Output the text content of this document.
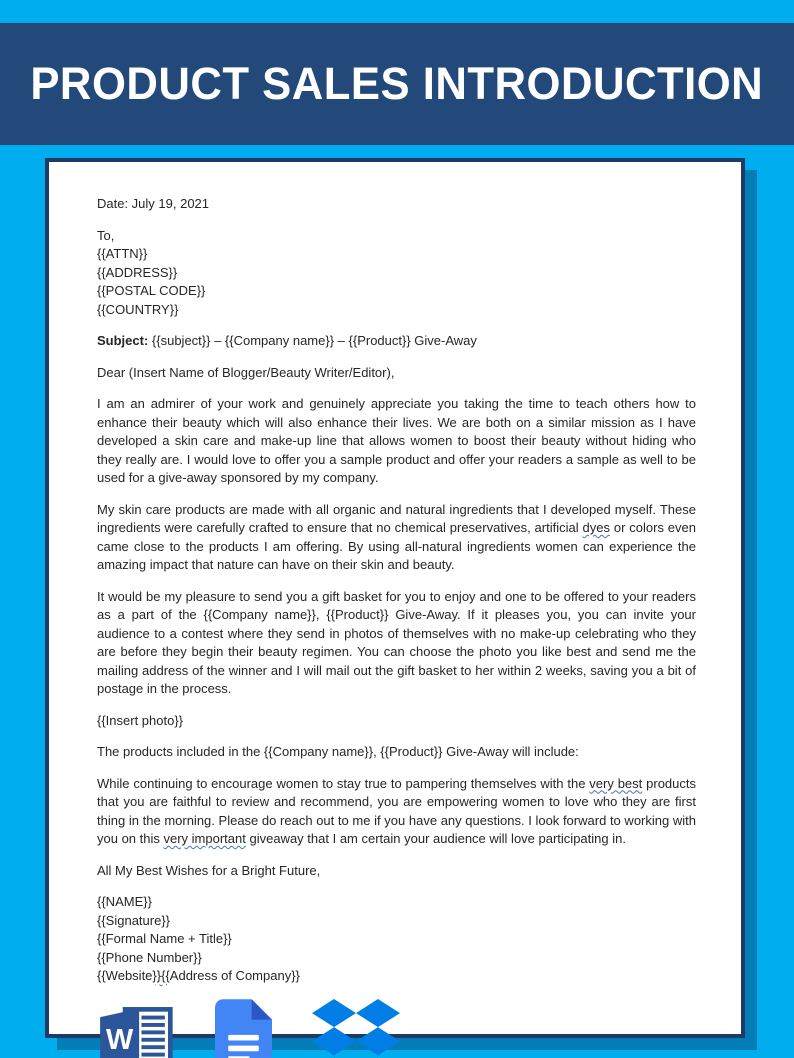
PRODUCT SALES INTRODUCTION

Date: July 19, 2021

To,

{{ATTN}}

{{ADDRESS}}

{{POSTAL CODE}}

{{COUNTRY}}

Subject: {{subject}} – {{Company name}} – {{Product}} Give-Away

Dear (Insert Name of Blogger/Beauty Writer/Editor),

I am an admirer of your work and genuinely appreciate you taking the time to teach others how to enhance their beauty which will also enhance their lives. We are both on a similar mission as I have developed a skin care and make-up line that allows women to boost their beauty without hiding who they really are. I would love to offer you a sample product and offer your readers a sample as well to be used for a give-away sponsored by my company.

My skin care products are made with all organic and natural ingredients that I developed myself. These ingredients were carefully crafted to ensure that no chemical preservatives, artificial dyes or colors even came close to the products I am offering. By using all-natural ingredients women can experience the amazing impact that nature can have on their skin and beauty.

It would be my pleasure to send you a gift basket for you to enjoy and one to be offered to your readers as a part of the {{Company name}}, {{Product}} Give-Away. If it pleases you, you can invite your audience to a contest where they send in photos of themselves with no make-up celebrating who they are before they begin their beauty regimen. You can choose the photo you like best and send me the mailing address of the winner and I will mail out the gift basket to her within 2 weeks, saving you a bit of postage in the process.

{{Insert photo}}

The products included in the {{Company name}}, {{Product}} Give-Away will include:

While continuing to encourage women to stay true to pampering themselves with the very best products that you are faithful to review and recommend, you are empowering women to love who they are first thing in the morning. Please do reach out to me if you have any questions. I look forward to working with you on this very important giveaway that I am certain your audience will love participating in.

All My Best Wishes for a Bright Future,

{{NAME}}

{{Signature}}

{{Formal Name + Title}}

{{Phone Number}}

{{Website}}{{Address of Company}}

W
